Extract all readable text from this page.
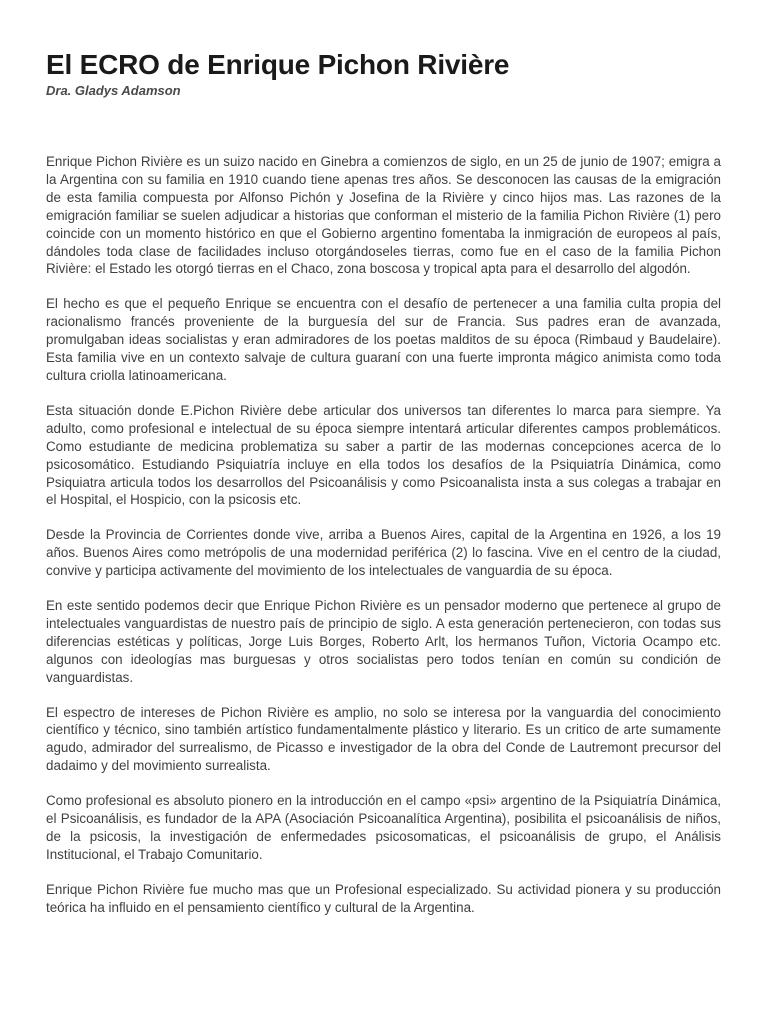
El ECRO de Enrique Pichon Rivière
Dra. Gladys Adamson

Enrique Pichon Rivière es un suizo nacido en Ginebra a comienzos de siglo, en un 25 de junio de 1907; emigra a la Argentina con su familia en 1910 cuando tiene apenas tres años. Se desconocen las causas de la emigración de esta familia compuesta por Alfonso Pichón y Josefina de la Rivière y cinco hijos mas. Las razones de la emigración familiar se suelen adjudicar a historias que conforman el misterio de la familia Pichon Rivière (1) pero coincide con un momento histórico en que el Gobierno argentino fomentaba la inmigración de europeos al país, dándoles toda clase de facilidades incluso otorgándoseles tierras, como fue en el caso de la familia Pichon Rivière: el Estado les otorgó tierras en el Chaco, zona boscosa y tropical apta para el desarrollo del algodón.

El hecho es que el pequeño Enrique se encuentra con el desafío de pertenecer a una familia culta propia del racionalismo francés proveniente de la burguesía del sur de Francia. Sus padres eran de avanzada, promulgaban ideas socialistas y eran admiradores de los poetas malditos de su época (Rimbaud y Baudelaire). Esta familia vive en un contexto salvaje de cultura guaraní con una fuerte impronta mágico animista como toda cultura criolla latinoamericana.

Esta situación donde E.Pichon Rivière debe articular dos universos tan diferentes lo marca para siempre. Ya adulto, como profesional e intelectual de su época siempre intentará articular diferentes campos problemáticos. Como estudiante de medicina problematiza su saber a partir de las modernas concepciones acerca de lo psicosomático. Estudiando Psiquiatría incluye en ella todos los desafíos de la Psiquiatría Dinámica, como Psiquiatra articula todos los desarrollos del Psicoanálisis y como Psicoanalista insta a sus colegas a trabajar en el Hospital, el Hospicio, con la psicosis etc.

Desde la Provincia de Corrientes donde vive, arriba a Buenos Aires, capital de la Argentina en 1926, a los 19 años. Buenos Aires como metrópolis de una modernidad periférica (2) lo fascina. Vive en el centro de la ciudad, convive y participa activamente del movimiento de los intelectuales de vanguardia de su época.

En este sentido podemos decir que Enrique Pichon Rivière es un pensador moderno que pertenece al grupo de intelectuales vanguardistas de nuestro país de principio de siglo. A esta generación pertenecieron, con todas sus diferencias estéticas y políticas, Jorge Luis Borges, Roberto Arlt, los hermanos Tuñon, Victoria Ocampo etc. algunos con ideologías mas burguesas y otros socialistas pero todos tenían en común su condición de vanguardistas.

El espectro de intereses de Pichon Rivière es amplio, no solo se interesa por la vanguardia del conocimiento científico y técnico, sino también artístico fundamentalmente plástico y literario. Es un critico de arte sumamente agudo, admirador del surrealismo, de Picasso e investigador de la obra del Conde de Lautremont precursor del dadaimo y del movimiento surrealista.

Como profesional es absoluto pionero en la introducción en el campo «psi» argentino de la Psiquiatría Dinámica, el Psicoanálisis, es fundador de la APA (Asociación Psicoanalítica Argentina), posibilita el psicoanálisis de niños, de la psicosis, la investigación de enfermedades psicosomaticas, el psicoanálisis de grupo, el Análisis Institucional, el Trabajo Comunitario.

Enrique Pichon Rivière fue mucho mas que un Profesional especializado. Su actividad pionera y su producción teórica ha influido en el pensamiento científico y cultural de la Argentina.
